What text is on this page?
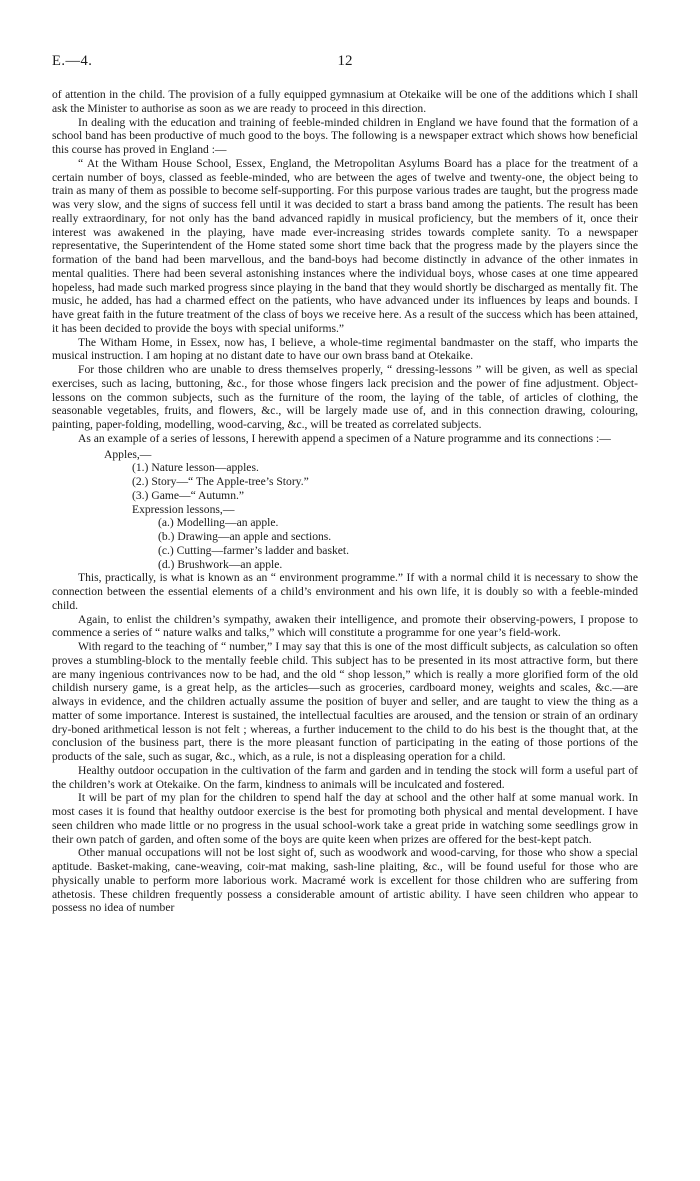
E.—4.	12

of attention in the child. The provision of a fully equipped gymnasium at Otekaike will be one of the additions which I shall ask the Minister to authorise as soon as we are ready to proceed in this direction.

In dealing with the education and training of feeble-minded children in England we have found that the formation of a school band has been productive of much good to the boys. The following is a newspaper extract which shows how beneficial this course has proved in England :—

“ At the Witham House School, Essex, England, the Metropolitan Asylums Board has a place for the treatment of a certain number of boys, classed as feeble-minded, who are between the ages of twelve and twenty-one, the object being to train as many of them as possible to become self-supporting. For this purpose various trades are taught, but the progress made was very slow, and the signs of success fell until it was decided to start a brass band among the patients. The result has been really extraordinary, for not only has the band advanced rapidly in musical proficiency, but the members of it, once their interest was awakened in the playing, have made ever-increasing strides towards complete sanity. To a newspaper representative, the Superintendent of the Home stated some short time back that the progress made by the players since the formation of the band had been marvellous, and the band-boys had become distinctly in advance of the other inmates in mental qualities. There had been several astonishing instances where the individual boys, whose cases at one time appeared hopeless, had made such marked progress since playing in the band that they would shortly be discharged as mentally fit. The music, he added, has had a charmed effect on the patients, who have advanced under its influences by leaps and bounds. I have great faith in the future treatment of the class of boys we receive here. As a result of the success which has been attained, it has been decided to provide the boys with special uniforms.”

The Witham Home, in Essex, now has, I believe, a whole-time regimental bandmaster on the staff, who imparts the musical instruction. I am hoping at no distant date to have our own brass band at Otekaike.

For those children who are unable to dress themselves properly, “ dressing-lessons ” will be given, as well as special exercises, such as lacing, buttoning, &c., for those whose fingers lack precision and the power of fine adjustment. Object-lessons on the common subjects, such as the furniture of the room, the laying of the table, of articles of clothing, the seasonable vegetables, fruits, and flowers, &c., will be largely made use of, and in this connection drawing, colouring, painting, paper-folding, modelling, wood-carving, &c., will be treated as correlated subjects.

As an example of a series of lessons, I herewith append a specimen of a Nature programme and its connections :—

Apples,—
(1.) Nature lesson—apples.
(2.) Story—“ The Apple-tree’s Story.”
(3.) Game—“ Autumn.”
Expression lessons,—
(a.) Modelling—an apple.
(b.) Drawing—an apple and sections.
(c.) Cutting—farmer’s ladder and basket.
(d.) Brushwork—an apple.

This, practically, is what is known as an “ environment programme.” If with a normal child it is necessary to show the connection between the essential elements of a child’s environment and his own life, it is doubly so with a feeble-minded child.

Again, to enlist the children’s sympathy, awaken their intelligence, and promote their observing-powers, I propose to commence a series of “ nature walks and talks,” which will constitute a programme for one year’s field-work.

With regard to the teaching of “ number,” I may say that this is one of the most difficult subjects, as calculation so often proves a stumbling-block to the mentally feeble child. This subject has to be presented in its most attractive form, but there are many ingenious contrivances now to be had, and the old “ shop lesson,” which is really a more glorified form of the old childish nursery game, is a great help, as the articles—such as groceries, cardboard money, weights and scales, &c.—are always in evidence, and the children actually assume the position of buyer and seller, and are taught to view the thing as a matter of some importance. Interest is sustained, the intellectual faculties are aroused, and the tension or strain of an ordinary dry-boned arithmetical lesson is not felt ; whereas, a further inducement to the child to do his best is the thought that, at the conclusion of the business part, there is the more pleasant function of participating in the eating of those portions of the products of the sale, such as sugar, &c., which, as a rule, is not a displeasing operation for a child.

Healthy outdoor occupation in the cultivation of the farm and garden and in tending the stock will form a useful part of the children’s work at Otekaike. On the farm, kindness to animals will be inculcated and fostered.

It will be part of my plan for the children to spend half the day at school and the other half at some manual work. In most cases it is found that healthy outdoor exercise is the best for promoting both physical and mental development. I have seen children who made little or no progress in the usual school-work take a great pride in watching some seedlings grow in their own patch of garden, and often some of the boys are quite keen when prizes are offered for the best-kept patch.

Other manual occupations will not be lost sight of, such as woodwork and wood-carving, for those who show a special aptitude. Basket-making, cane-weaving, coir-mat making, sash-line plaiting, &c., will be found useful for those who are physically unable to perform more laborious work. Macramé work is excellent for those children who are suffering from athetosis. These children frequently possess a considerable amount of artistic ability. I have seen children who appear to possess no idea of number
